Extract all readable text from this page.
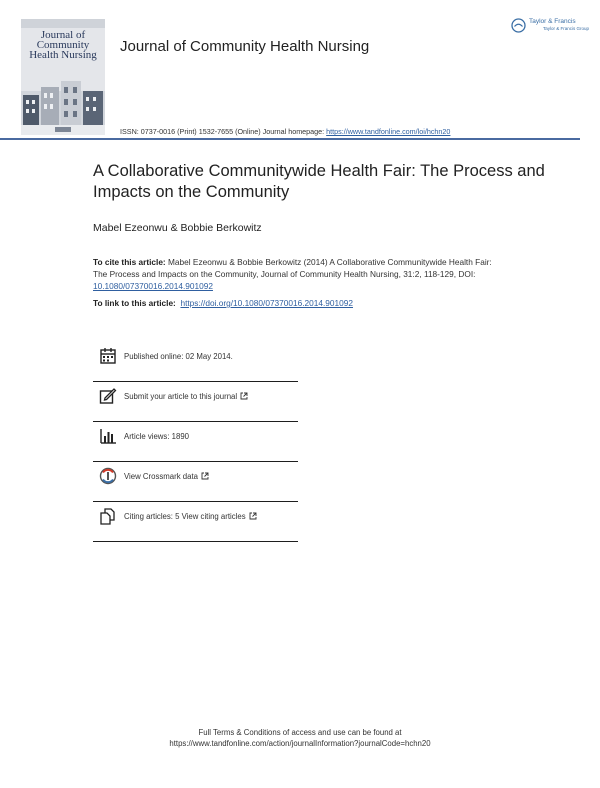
Journal of
Community
Health Nursing Journal of Community Health Nursing
Taylor & Francis
Taylor & Francis Group
ISSN: 0737-0016 (Print) 1532-7655 (Online) Journal homepage: https://www.tandfonline.com/loi/hchn20
A Collaborative Communitywide Health Fair: The Process and Impacts on the Community
Mabel Ezeonwu & Bobbie Berkowitz
To cite this article: Mabel Ezeonwu & Bobbie Berkowitz (2014) A Collaborative Communitywide Health Fair: The Process and Impacts on the Community, Journal of Community Health Nursing, 31:2, 118-129, DOI: 10.1080/07370016.2014.901092
To link to this article: https://doi.org/10.1080/07370016.2014.901092
Published online: 02 May 2014.
Submit your article to this journal
Article views: 1890
View Crossmark data
Citing articles: 5 View citing articles
Full Terms & Conditions of access and use can be found at
https://www.tandfonline.com/action/journalInformation?journalCode=hchn20
